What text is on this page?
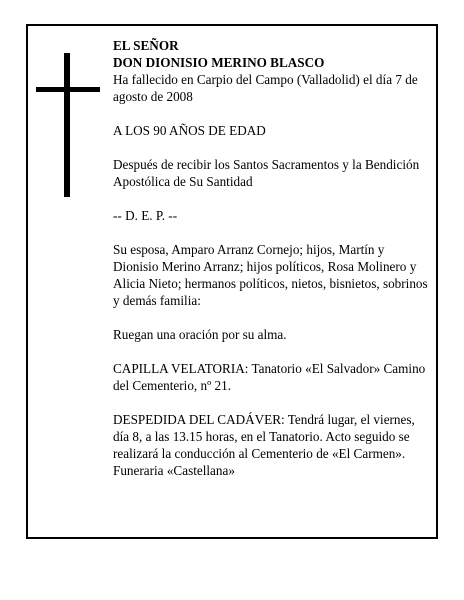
EL SEÑOR

DON DIONISIO MERINO BLASCO

Ha fallecido en Carpio del Campo (Valladolid) el día 7 de agosto de 2008

A LOS 90 AÑOS DE EDAD

Después de recibir los Santos Sacramentos y la Bendición Apostólica de Su Santidad

-- D. E. P. --

Su esposa, Amparo Arranz Cornejo; hijos, Martín y Dionisio Merino Arranz; hijos políticos, Rosa Molinero y Alicia Nieto; hermanos políticos, nietos, bisnietos, sobrinos y demás familia:

Ruegan una oración por su alma.

CAPILLA VELATORIA: Tanatorio «El Salvador» Camino del Cementerio, nº 21.

DESPEDIDA DEL CADÁVER: Tendrá lugar, el viernes, día 8, a las 13.15 horas, en el Tanatorio. Acto seguido se realizará la conducción al Cementerio de «El Carmen».

Funeraria «Castellana»
